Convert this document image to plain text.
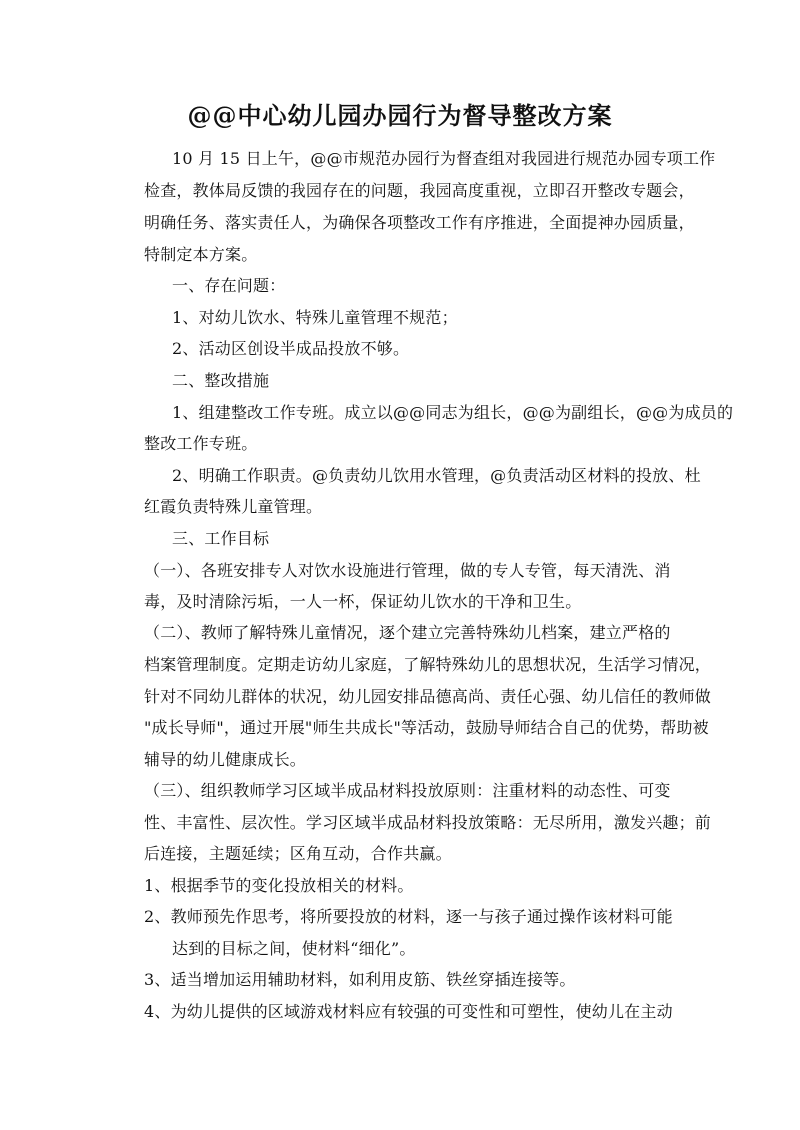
@@中心幼儿园办园行为督导整改方案
10 月 15 日上午，@@市规范办园行为督查组对我园进行规范办园专项工作
检查，教体局反馈的我园存在的问题，我园高度重视，立即召开整改专题会，
明确任务、落实责任人，为确保各项整改工作有序推进，全面提神办园质量，
特制定本方案。
一、存在问题：
1、对幼儿饮水、特殊儿童管理不规范；
2、活动区创设半成品投放不够。
二、整改措施
1、组建整改工作专班。成立以@@同志为组长，@@为副组长，@@为成员的
整改工作专班。
2、明确工作职责。@负责幼儿饮用水管理，@负责活动区材料的投放、杜
红霞负责特殊儿童管理。
三、工作目标
（一）、各班安排专人对饮水设施进行管理，做的专人专管，每天清洗、消
毒，及时清除污垢，一人一杯，保证幼儿饮水的干净和卫生。
（二）、教师了解特殊儿童情况，逐个建立完善特殊幼儿档案，建立严格的
档案管理制度。定期走访幼儿家庭，了解特殊幼儿的思想状况，生活学习情况，
针对不同幼儿群体的状况，幼儿园安排品德高尚、责任心强、幼儿信任的教师做
"成长导师"，通过开展"师生共成长"等活动，鼓励导师结合自己的优势，帮助被
辅导的幼儿健康成长。
（三）、组织教师学习区域半成品材料投放原则：注重材料的动态性、可变
性、丰富性、层次性。学习区域半成品材料投放策略：无尽所用，激发兴趣；前
后连接，主题延续；区角互动，合作共赢。
1、根据季节的变化投放相关的材料。
2、教师预先作思考，将所要投放的材料，逐一与孩子通过操作该材料可能
达到的目标之间，使材料“细化”。
3、适当增加运用辅助材料，如利用皮筋、铁丝穿插连接等。
4、为幼儿提供的区域游戏材料应有较强的可变性和可塑性，使幼儿在主动
